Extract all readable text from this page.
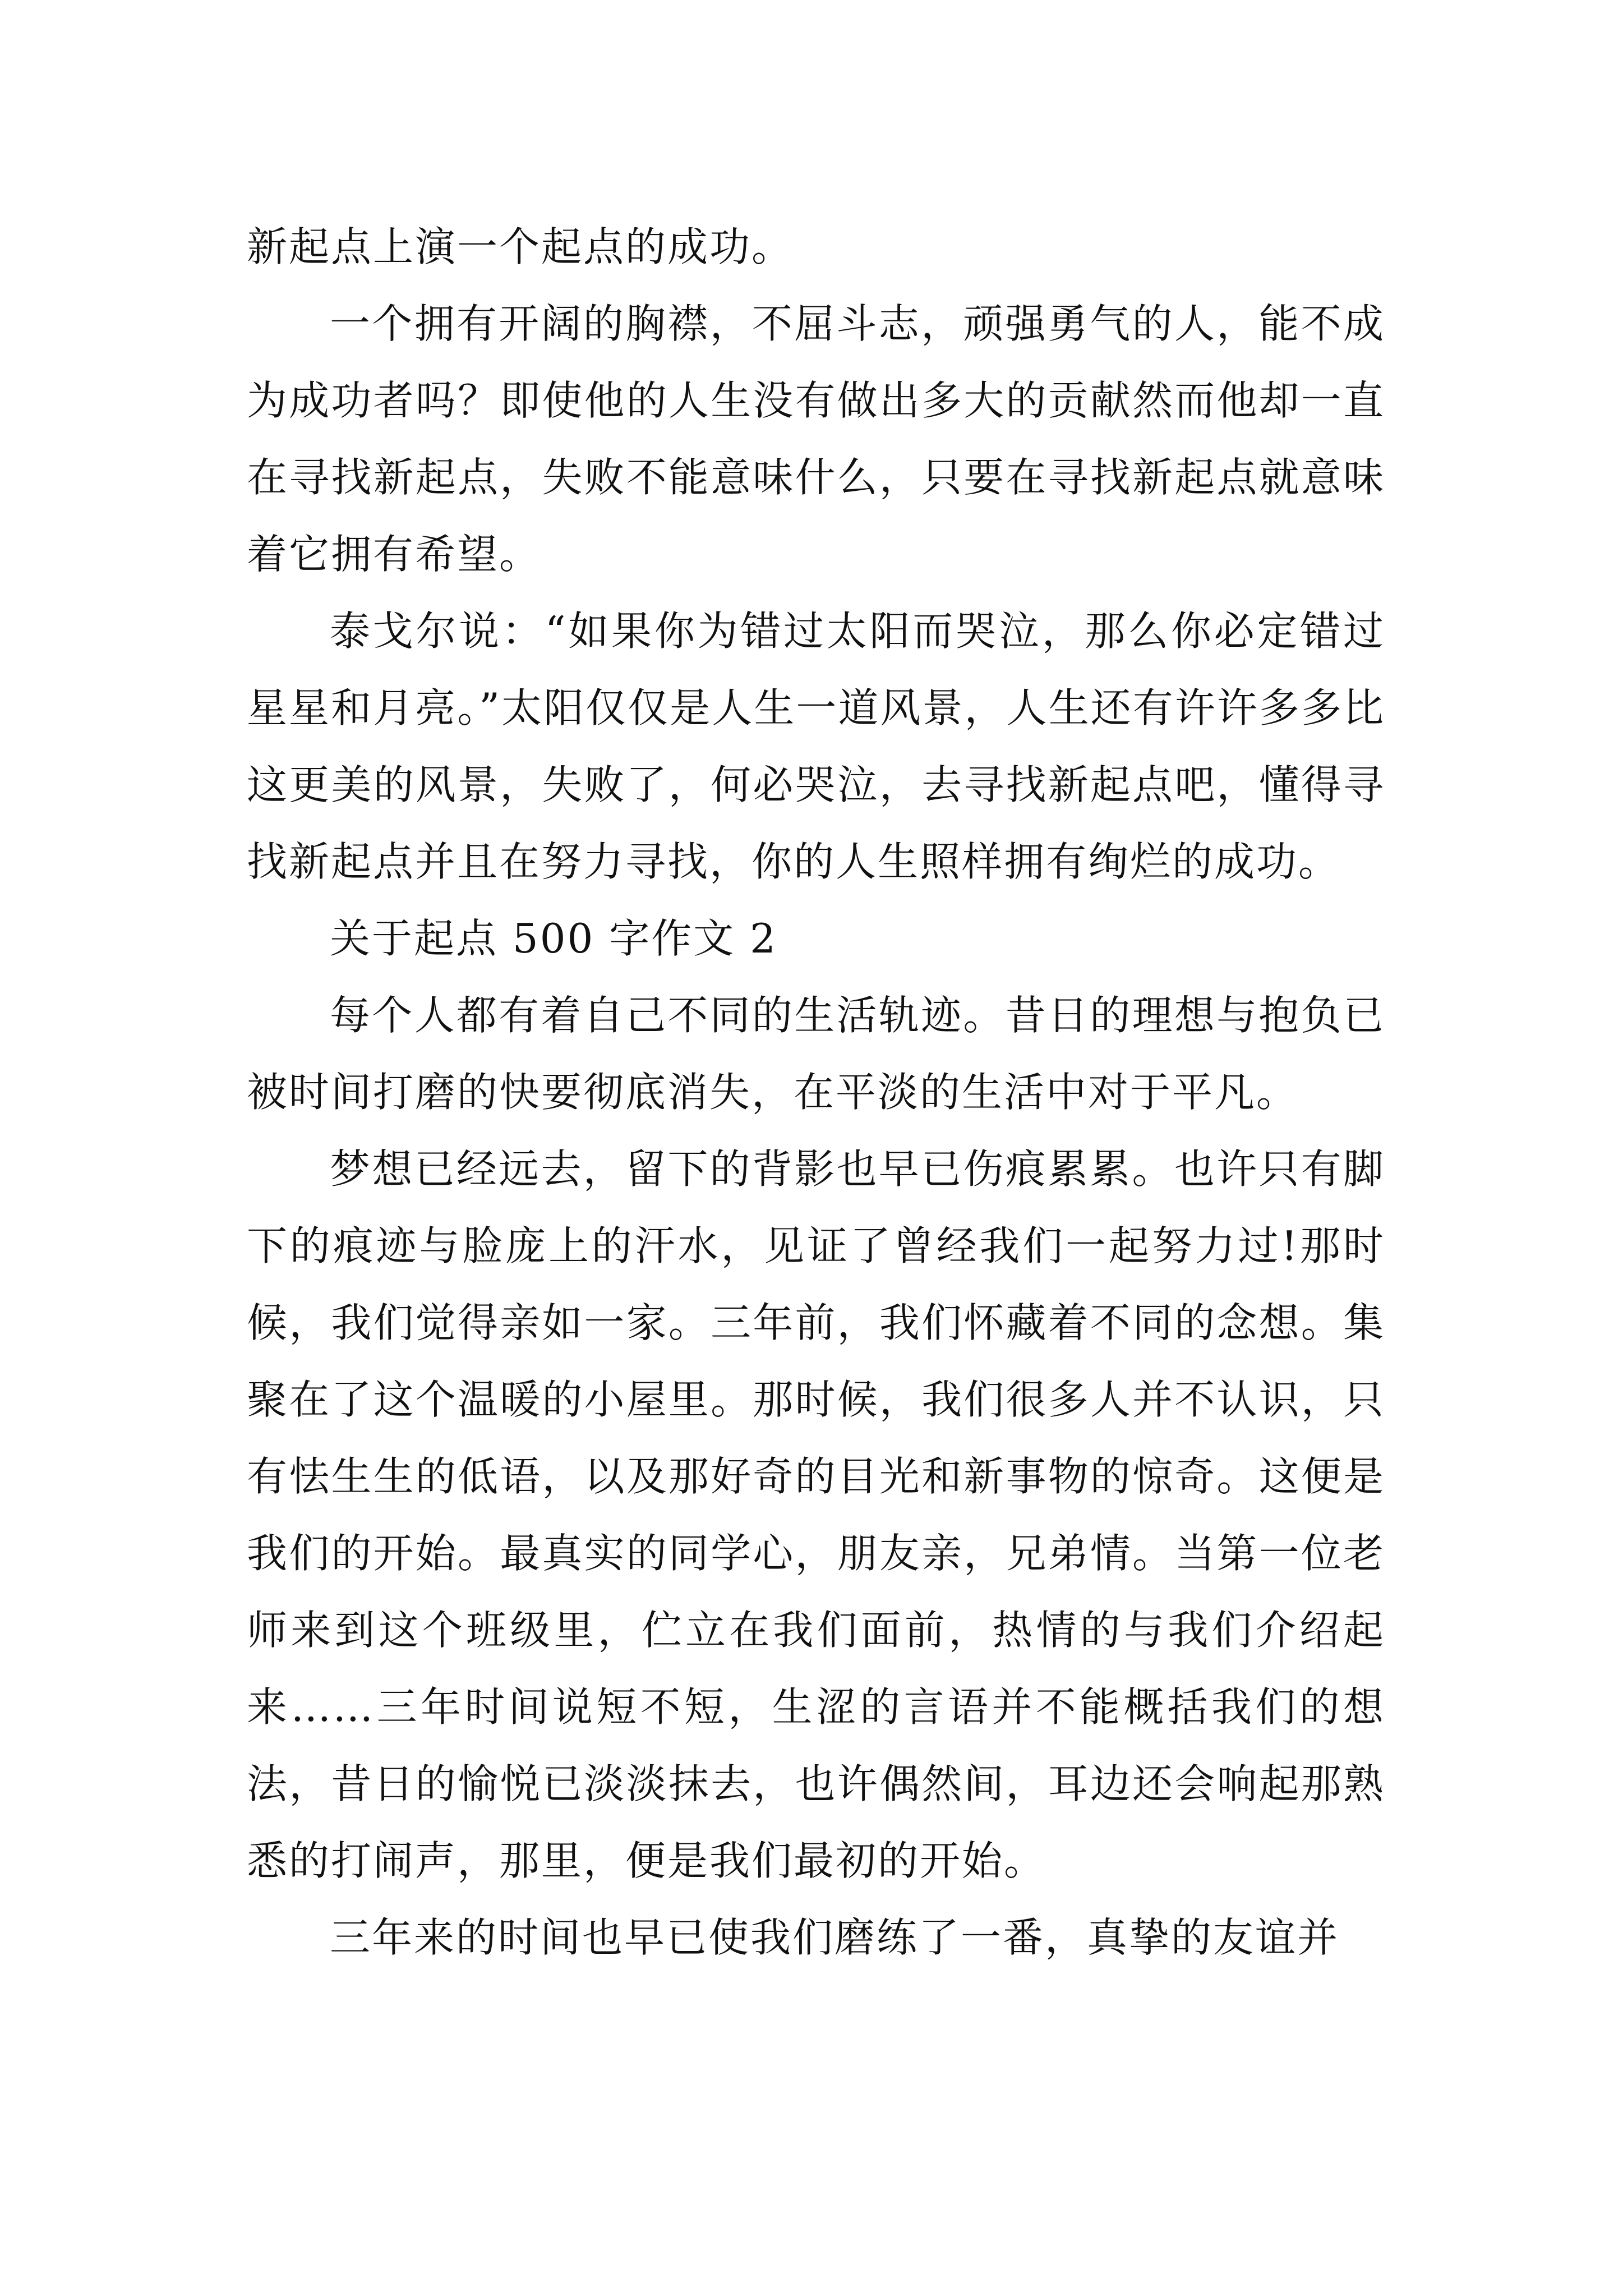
新起点上演一个起点的成功。

一个拥有开阔的胸襟，不屈斗志，顽强勇气的人，能不成为成功者吗？即使他的人生没有做出多大的贡献然而他却一直在寻找新起点，失败不能意味什么，只要在寻找新起点就意味着它拥有希望。

泰戈尔说：“如果你为错过太阳而哭泣，那么你必定错过星星和月亮。”太阳仅仅是人生一道风景，人生还有许许多多比这更美的风景，失败了，何必哭泣，去寻找新起点吧，懂得寻找新起点并且在努力寻找，你的人生照样拥有绚烂的成功。

关于起点 500 字作文 2

每个人都有着自己不同的生活轨迹。昔日的理想与抱负已被时间打磨的快要彻底消失，在平淡的生活中对于平凡。

梦想已经远去，留下的背影也早已伤痕累累。也许只有脚下的痕迹与脸庞上的汗水，见证了曾经我们一起努力过!那时候，我们觉得亲如一家。三年前，我们怀藏着不同的念想。集聚在了这个温暖的小屋里。那时候，我们很多人并不认识，只有怯生生的低语，以及那好奇的目光和新事物的惊奇。这便是我们的开始。最真实的同学心，朋友亲，兄弟情。当第一位老师来到这个班级里，伫立在我们面前，热情的与我们介绍起来……三年时间说短不短，生涩的言语并不能概括我们的想法，昔日的愉悦已淡淡抹去，也许偶然间，耳边还会响起那熟悉的打闹声，那里，便是我们最初的开始。

三年来的时间也早已使我们磨练了一番，真挚的友谊并
